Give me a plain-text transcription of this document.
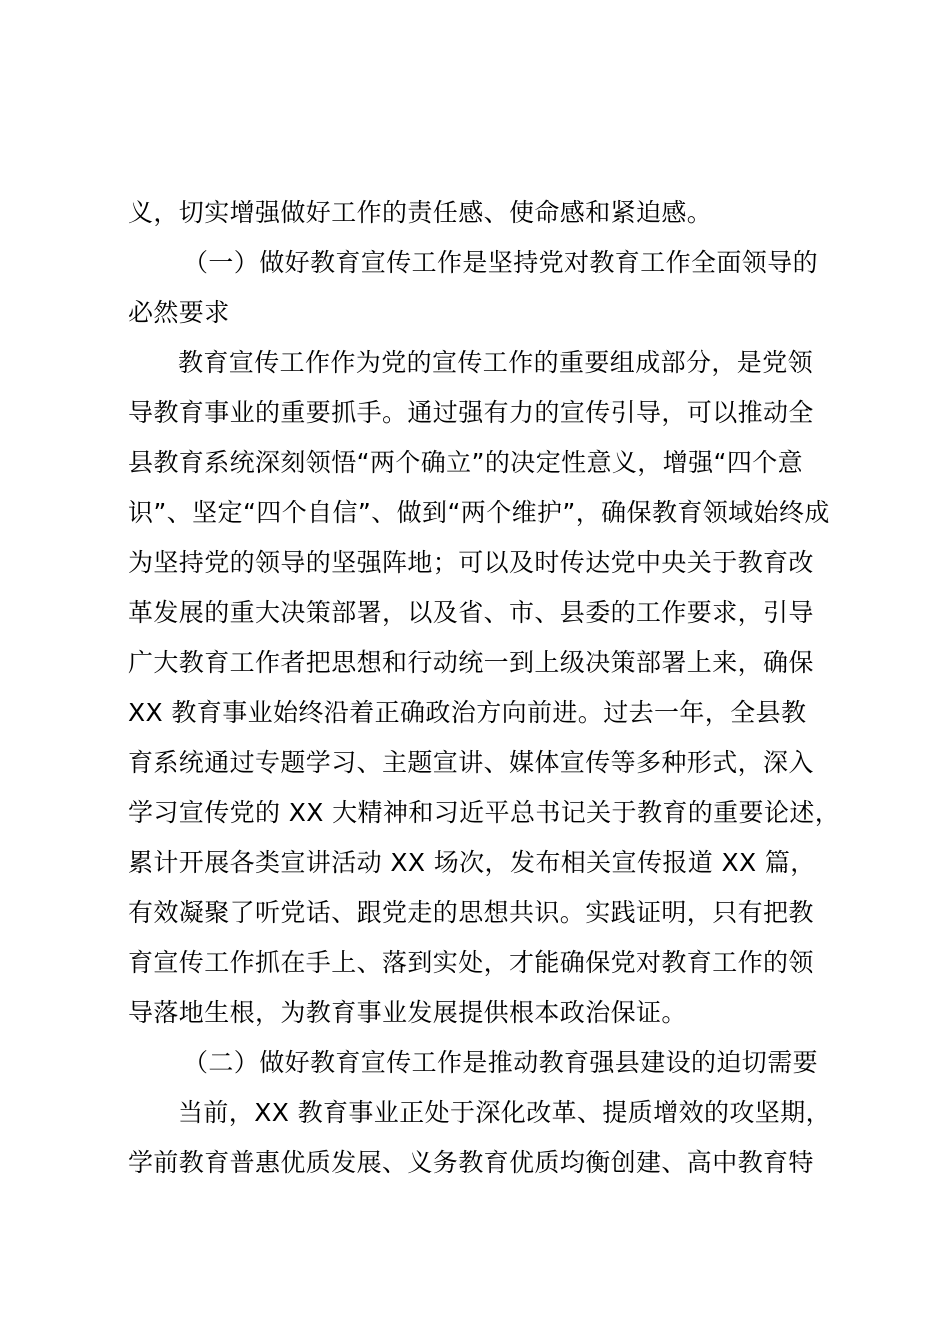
义，切实增强做好工作的责任感、使命感和紧迫感。
（一）做好教育宣传工作是坚持党对教育工作全面领导的
必然要求
教育宣传工作作为党的宣传工作的重要组成部分，是党领
导教育事业的重要抓手。通过强有力的宣传引导，可以推动全
县教育系统深刻领悟“两个确立”的决定性意义，增强“四个意
识”、坚定“四个自信”、做到“两个维护”，确保教育领域始终成
为坚持党的领导的坚强阵地；可以及时传达党中央关于教育改
革发展的重大决策部署，以及省、市、县委的工作要求，引导
广大教育工作者把思想和行动统一到上级决策部署上来，确保
XX 教育事业始终沿着正确政治方向前进。过去一年，全县教
育系统通过专题学习、主题宣讲、媒体宣传等多种形式，深入
学习宣传党的 XX 大精神和习近平总书记关于教育的重要论述，
累计开展各类宣讲活动 XX 场次，发布相关宣传报道 XX 篇，
有效凝聚了听党话、跟党走的思想共识。实践证明，只有把教
育宣传工作抓在手上、落到实处，才能确保党对教育工作的领
导落地生根，为教育事业发展提供根本政治保证。
（二）做好教育宣传工作是推动教育强县建设的迫切需要
当前，XX 教育事业正处于深化改革、提质增效的攻坚期，
学前教育普惠优质发展、义务教育优质均衡创建、高中教育特
